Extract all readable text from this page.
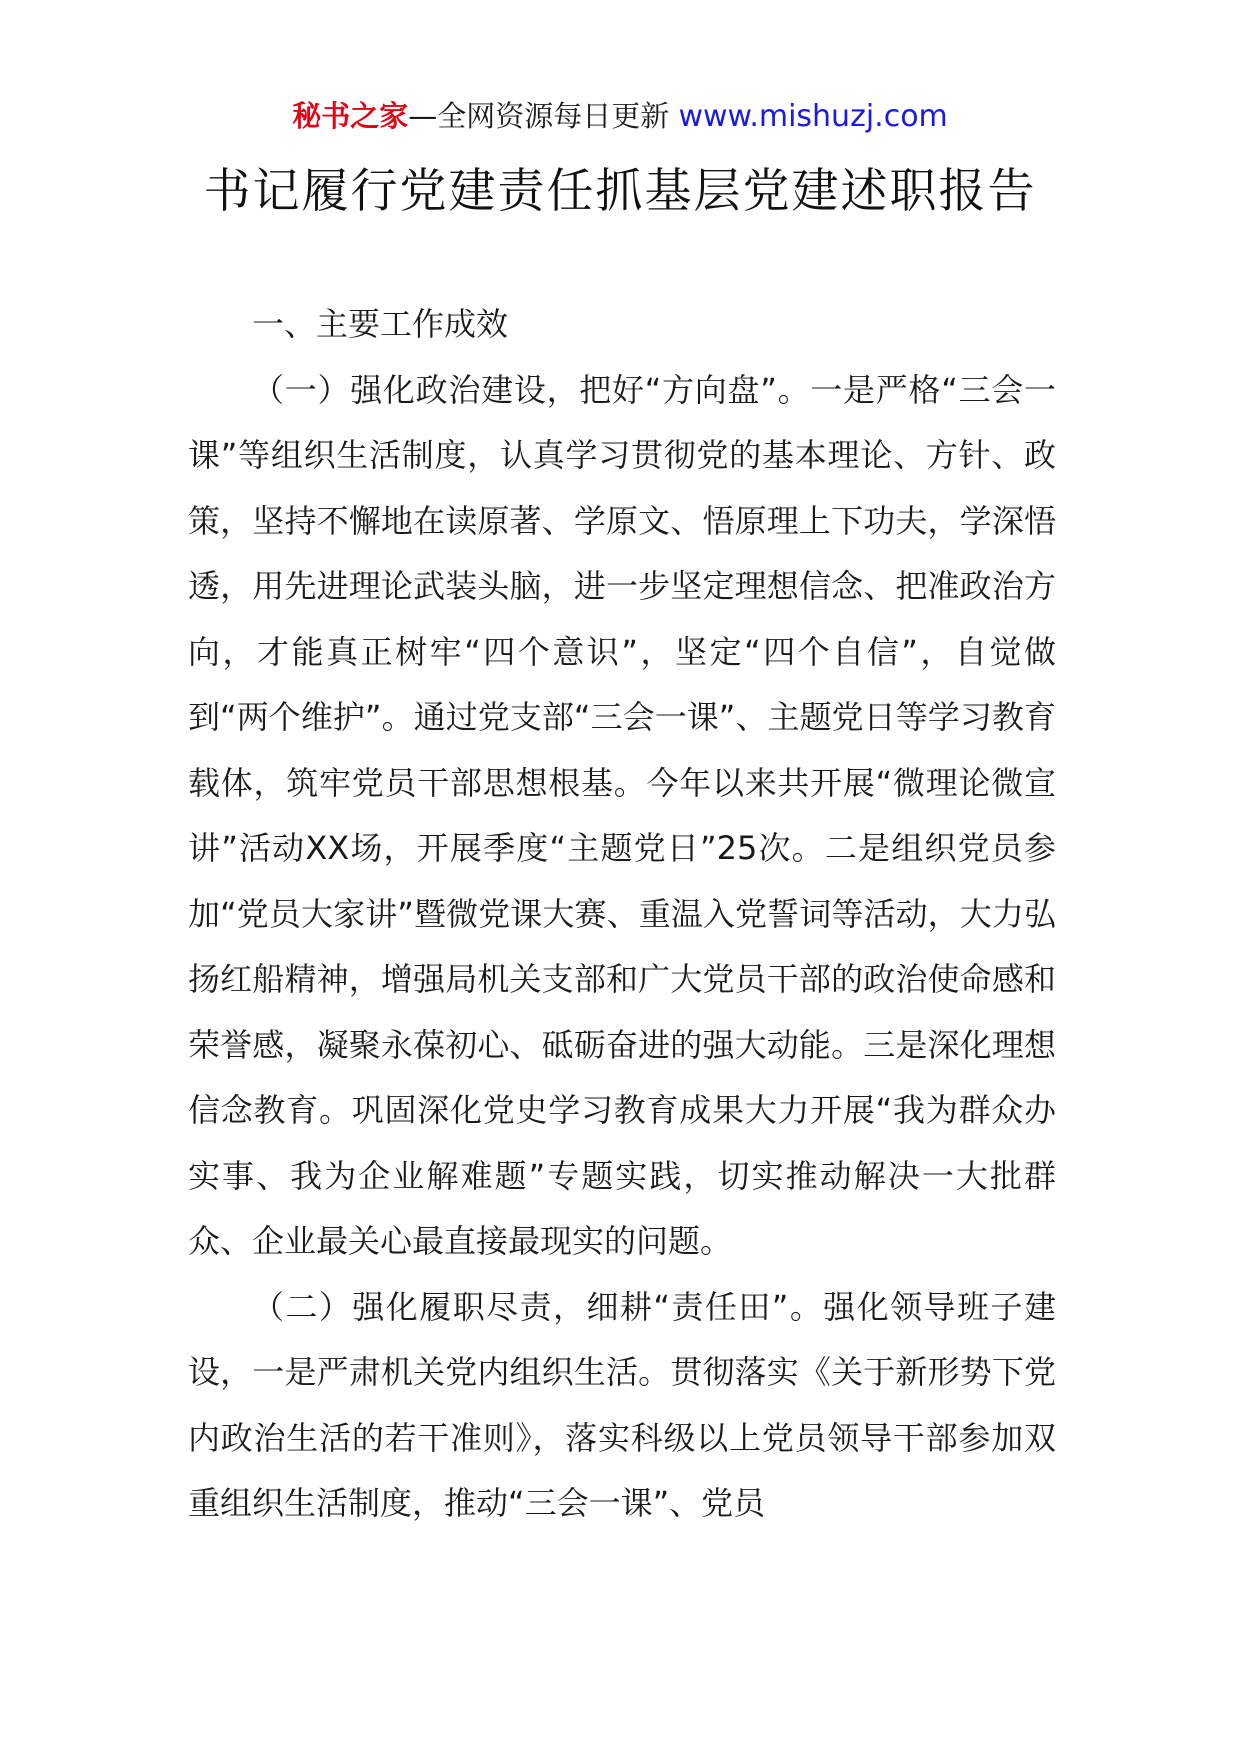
秘书之家—全网资源每日更新 www.mishuzj.com
书记履行党建责任抓基层党建述职报告

一、主要工作成效

（一）强化政治建设，把好“方向盘”。一是严格“三会一课”等组织生活制度，认真学习贯彻党的基本理论、方针、政策，坚持不懈地在读原著、学原文、悟原理上下功夫，学深悟透，用先进理论武装头脑，进一步坚定理想信念、把准政治方向，才能真正树牢“四个意识”，坚定“四个自信”，自觉做到“两个维护”。通过党支部“三会一课”、主题党日等学习教育载体，筑牢党员干部思想根基。今年以来共开展“微理论微宣讲”活动XX场，开展季度“主题党日”25次。二是组织党员参加“党员大家讲”暨微党课大赛、重温入党誓词等活动，大力弘扬红船精神，增强局机关支部和广大党员干部的政治使命感和荣誉感，凝聚永葆初心、砥砺奋进的强大动能。三是深化理想信念教育。巩固深化党史学习教育成果大力开展“我为群众办实事、我为企业解难题”专题实践，切实推动解决一大批群众、企业最关心最直接最现实的问题。

（二）强化履职尽责，细耕“责任田”。强化领导班子建设，一是严肃机关党内组织生活。贯彻落实《关于新形势下党内政治生活的若干准则》，落实科级以上党员领导干部参加双重组织生活制度，推动“三会一课”、党员
